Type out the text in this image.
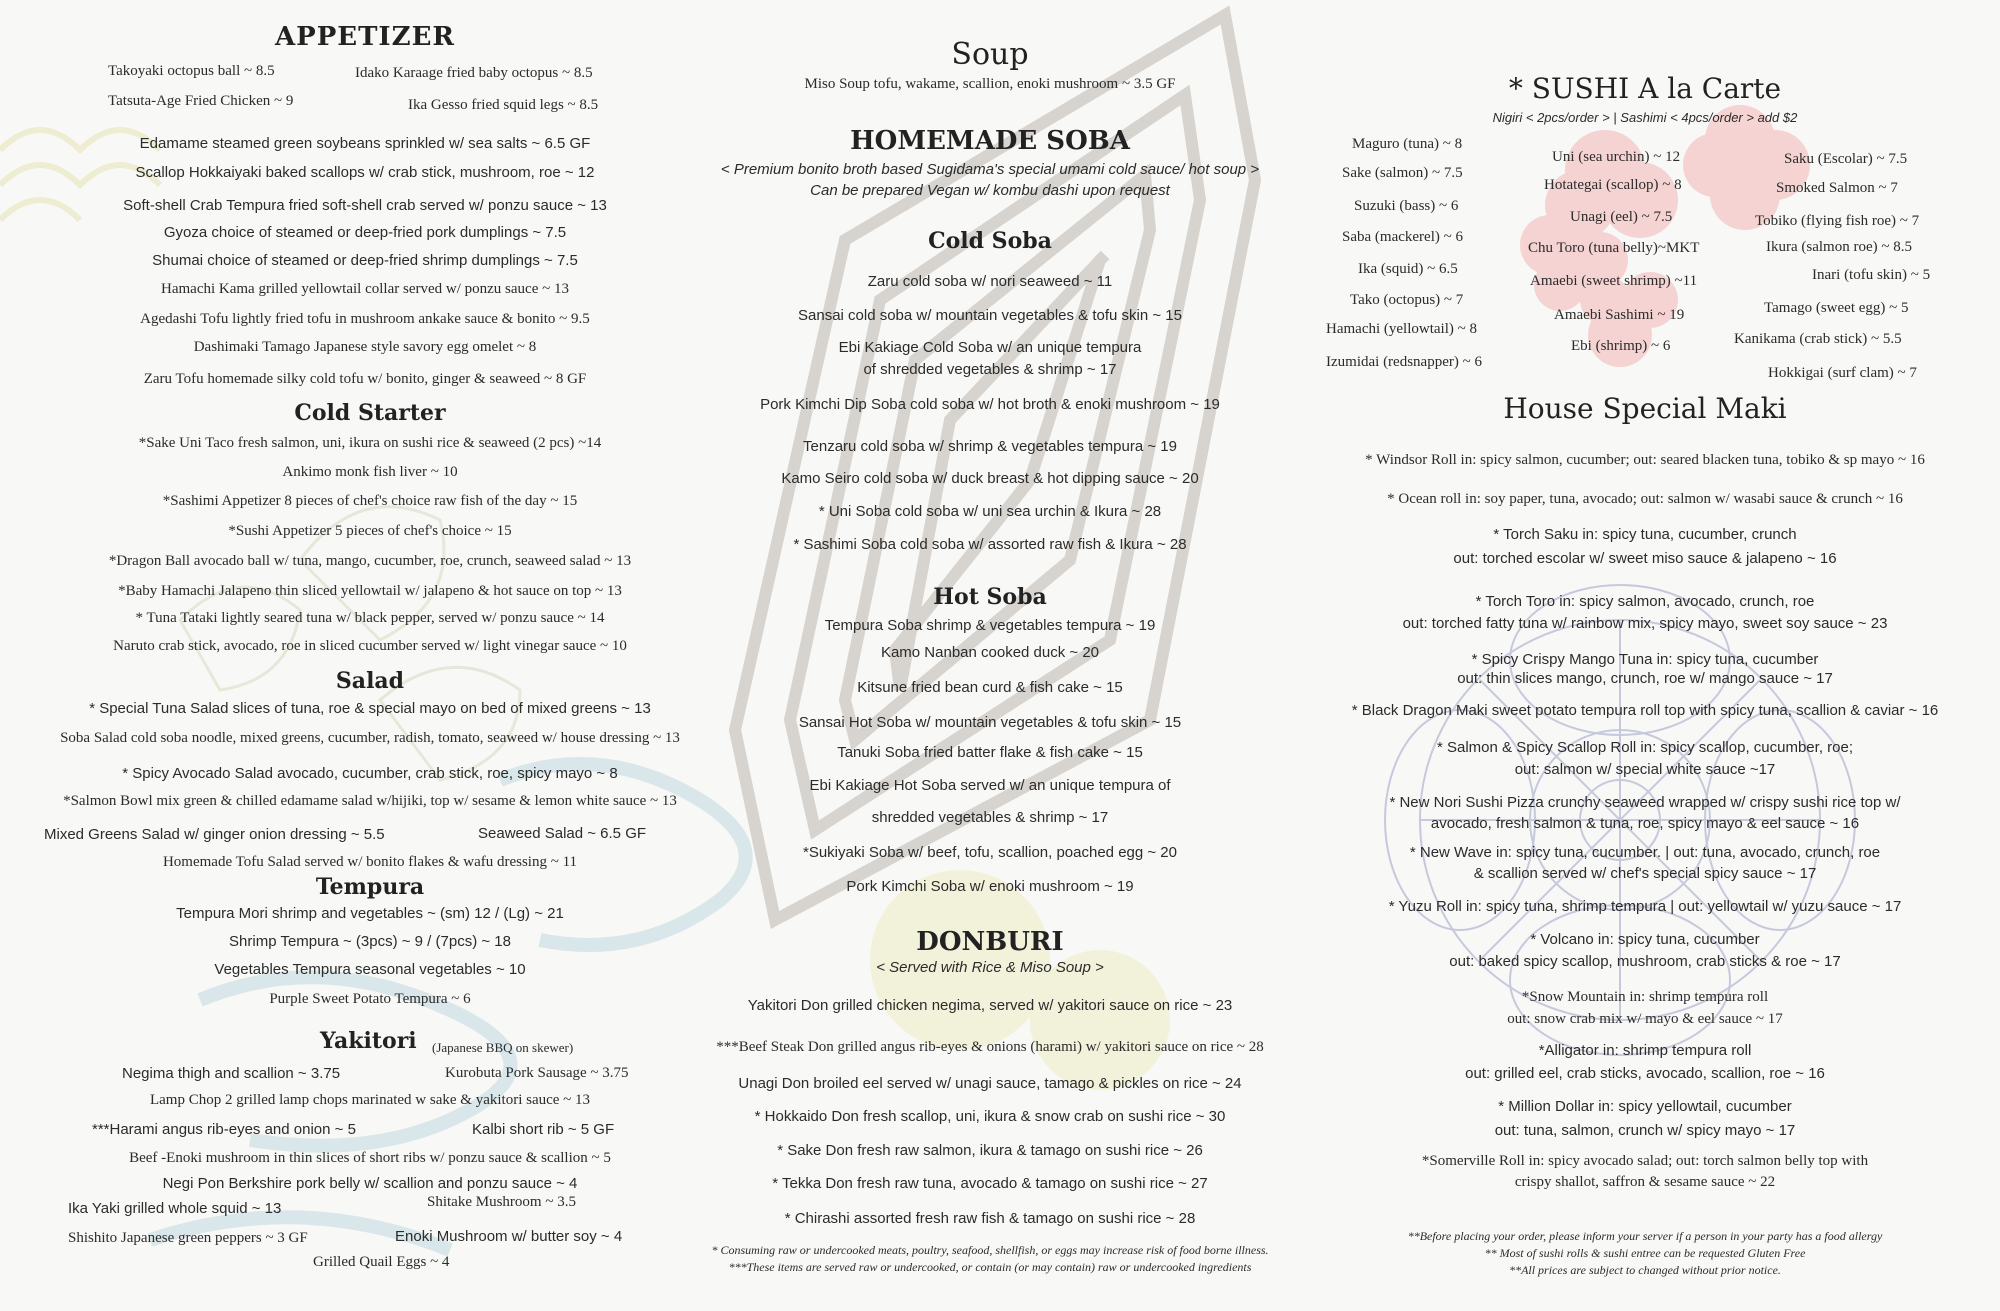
APPETIZER
Takoyaki octopus ball ~ 8.5	Idako Karaage fried baby octopus ~ 8.5
Tatsuta-Age Fried Chicken ~ 9	Ika Gesso fried squid legs ~ 8.5
Edamame steamed green soybeans sprinkled w/ sea salts ~ 6.5 GF
Scallop Hokkaiyaki baked scallops w/ crab stick, mushroom, roe ~ 12
Soft-shell Crab Tempura fried soft-shell crab served w/ ponzu sauce ~ 13
Gyoza choice of steamed or deep-fried pork dumplings ~ 7.5
Shumai choice of steamed or deep-fried shrimp dumplings ~ 7.5
Hamachi Kama grilled yellowtail collar served w/ ponzu sauce ~ 13
Agedashi Tofu lightly fried tofu in mushroom ankake sauce & bonito ~ 9.5
Dashimaki Tamago Japanese style savory egg omelet ~ 8
Zaru Tofu homemade silky cold tofu w/ bonito, ginger & seaweed ~ 8 GF
Cold Starter
*Sake Uni Taco fresh salmon, uni, ikura on sushi rice & seaweed (2 pcs) ~14
Ankimo monk fish liver ~ 10
*Sashimi Appetizer 8 pieces of chef's choice raw fish of the day ~ 15
*Sushi Appetizer 5 pieces of chef's choice ~ 15
*Dragon Ball avocado ball w/ tuna, mango, cucumber, roe, crunch, seaweed salad ~ 13
*Baby Hamachi Jalapeno thin sliced yellowtail w/ jalapeno & hot sauce on top ~ 13
* Tuna Tataki lightly seared tuna w/ black pepper, served w/ ponzu sauce ~ 14
Naruto crab stick, avocado, roe in sliced cucumber served w/ light vinegar sauce ~ 10
Salad
* Special Tuna Salad slices of tuna, roe & special mayo on bed of mixed greens ~ 13
Soba Salad cold soba noodle, mixed greens, cucumber, radish, tomato, seaweed w/ house dressing ~ 13
* Spicy Avocado Salad avocado, cucumber, crab stick, roe, spicy mayo ~ 8
*Salmon Bowl mix green & chilled edamame salad w/hijiki, top w/ sesame & lemon white sauce ~ 13
Mixed Greens Salad w/ ginger onion dressing ~ 5.5	Seaweed Salad ~ 6.5 GF
Homemade Tofu Salad served w/ bonito flakes & wafu dressing ~ 11
Tempura
Tempura Mori shrimp and vegetables ~ (sm) 12 / (Lg) ~ 21
Shrimp Tempura ~ (3pcs) ~ 9 / (7pcs) ~ 18
Vegetables Tempura seasonal vegetables ~ 10
Purple Sweet Potato Tempura ~ 6
Yakitori (Japanese BBQ on skewer)
Negima thigh and scallion ~ 3.75	Kurobuta Pork Sausage ~ 3.75
Lamp Chop 2 grilled lamp chops marinated w sake & yakitori sauce ~ 13
***Harami angus rib-eyes and onion ~ 5	Kalbi short rib ~ 5 GF
Beef -Enoki mushroom in thin slices of short ribs w/ ponzu sauce & scallion ~ 5
Negi Pon Berkshire pork belly w/ scallion and ponzu sauce ~ 4
Ika Yaki grilled whole squid ~ 13	Shitake Mushroom ~ 3.5
Shishito Japanese green peppers ~ 3 GF	Enoki Mushroom w/ butter soy ~ 4
Grilled Quail Eggs ~ 4
Soup
Miso Soup tofu, wakame, scallion, enoki mushroom ~ 3.5 GF
HOMEMADE SOBA
< Premium bonito broth based Sugidama's special umami cold sauce/ hot soup >
Can be prepared Vegan w/ kombu dashi upon request
Cold Soba
Zaru cold soba w/ nori seaweed ~ 11
Sansai cold soba w/ mountain vegetables & tofu skin ~ 15
Ebi Kakiage Cold Soba w/ an unique tempura
of shredded vegetables & shrimp ~ 17
Pork Kimchi Dip Soba cold soba w/ hot broth & enoki mushroom ~ 19
Tenzaru cold soba w/ shrimp & vegetables tempura ~ 19
Kamo Seiro cold soba w/ duck breast & hot dipping sauce ~ 20
* Uni Soba cold soba w/ uni sea urchin & Ikura ~ 28
* Sashimi Soba cold soba w/ assorted raw fish & Ikura ~ 28
Hot Soba
Tempura Soba shrimp & vegetables tempura ~ 19
Kamo Nanban cooked duck ~ 20
Kitsune fried bean curd & fish cake ~ 15
Sansai Hot Soba w/ mountain vegetables & tofu skin ~ 15
Tanuki Soba fried batter flake & fish cake ~ 15
Ebi Kakiage Hot Soba served w/ an unique tempura of
shredded vegetables & shrimp ~ 17
*Sukiyaki Soba w/ beef, tofu, scallion, poached egg ~ 20
Pork Kimchi Soba w/ enoki mushroom ~ 19
DONBURI
< Served with Rice & Miso Soup >
Yakitori Don grilled chicken negima, served w/ yakitori sauce on rice ~ 23
***Beef Steak Don grilled angus rib-eyes & onions (harami) w/ yakitori sauce on rice ~ 28
Unagi Don broiled eel served w/ unagi sauce, tamago & pickles on rice ~ 24
* Hokkaido Don fresh scallop, uni, ikura & snow crab on sushi rice ~ 30
* Sake Don fresh raw salmon, ikura & tamago on sushi rice ~ 26
* Tekka Don fresh raw tuna, avocado & tamago on sushi rice ~ 27
* Chirashi assorted fresh raw fish & tamago on sushi rice ~ 28
* Consuming raw or undercooked meats, poultry, seafood, shellfish, or eggs may increase risk of food borne illness.
***These items are served raw or undercooked, or contain (or may contain) raw or undercooked ingredients
* SUSHI A la Carte
Nigiri < 2pcs/order > | Sashimi < 4pcs/order > add $2
Maguro (tuna) ~ 8
Sake (salmon) ~ 7.5
Suzuki (bass) ~ 6
Saba (mackerel) ~ 6
Ika (squid) ~ 6.5
Tako (octopus) ~ 7
Hamachi (yellowtail) ~ 8
Izumidai (redsnapper) ~ 6
Uni (sea urchin) ~ 12
Hotategai (scallop) ~ 8
Unagi (eel) ~ 7.5
Chu Toro (tuna belly)~MKT
Amaebi (sweet shrimp) ~11
Amaebi Sashimi ~ 19
Ebi (shrimp) ~ 6
Saku (Escolar) ~ 7.5
Smoked Salmon ~ 7
Tobiko (flying fish roe) ~ 7
Ikura (salmon roe) ~ 8.5
Inari (tofu skin) ~ 5
Tamago (sweet egg) ~ 5
Kanikama (crab stick) ~ 5.5
Hokkigai (surf clam) ~ 7
House Special Maki
* Windsor Roll in: spicy salmon, cucumber; out: seared blacken tuna, tobiko & sp mayo ~ 16
* Ocean roll in: soy paper, tuna, avocado; out: salmon w/ wasabi sauce & crunch ~ 16
* Torch Saku in: spicy tuna, cucumber, crunch
out: torched escolar w/ sweet miso sauce & jalapeno ~ 16
* Torch Toro in: spicy salmon, avocado, crunch, roe
out: torched fatty tuna w/ rainbow mix, spicy mayo, sweet soy sauce ~ 23
* Spicy Crispy Mango Tuna in: spicy tuna, cucumber
out: thin slices mango, crunch, roe w/ mango sauce ~ 17
* Black Dragon Maki sweet potato tempura roll top with spicy tuna, scallion & caviar ~ 16
* Salmon & Spicy Scallop Roll in: spicy scallop, cucumber, roe;
out: salmon w/ special white sauce ~17
* New Nori Sushi Pizza crunchy seaweed wrapped w/ crispy sushi rice top w/
avocado, fresh salmon & tuna, roe, spicy mayo & eel sauce ~ 16
* New Wave in: spicy tuna, cucumber. | out: tuna, avocado, crunch, roe
& scallion served w/ chef's special spicy sauce ~ 17
* Yuzu Roll in: spicy tuna, shrimp tempura | out: yellowtail w/ yuzu sauce ~ 17
* Volcano in: spicy tuna, cucumber
out: baked spicy scallop, mushroom, crab sticks & roe ~ 17
*Snow Mountain in: shrimp tempura roll
out: snow crab mix w/ mayo & eel sauce ~ 17
*Alligator in: shrimp tempura roll
out: grilled eel, crab sticks, avocado, scallion, roe ~ 16
* Million Dollar in: spicy yellowtail, cucumber
out: tuna, salmon, crunch w/ spicy mayo ~ 17
*Somerville Roll in: spicy avocado salad; out: torch salmon belly top with
crispy shallot, saffron & sesame sauce ~ 22
**Before placing your order, please inform your server if a person in your party has a food allergy
** Most of sushi rolls & sushi entree can be requested Gluten Free
**All prices are subject to changed without prior notice.
